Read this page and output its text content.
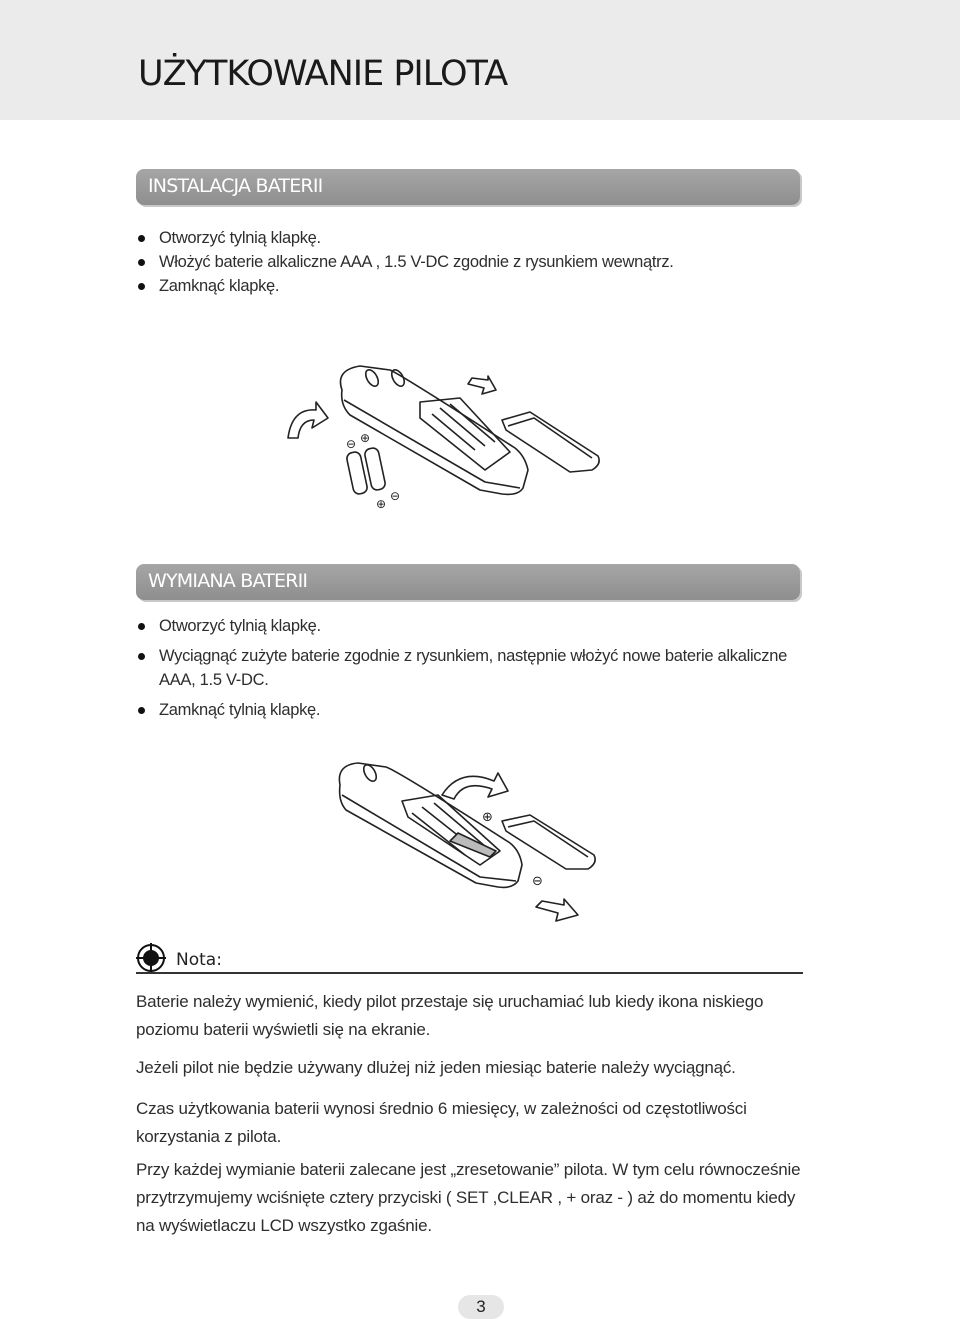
UŻYTKOWANIE PILOTA
INSTALACJA BATERII
Otworzyć tylnią klapkę.
Włożyć baterie alkaliczne AAA , 1.5 V-DC zgodnie z rysunkiem wewnątrz.
Zamknąć klapkę.
⊖ ⊕
⊕
⊖
WYMIANA BATERII
Otworzyć tylnią klapkę.
Wyciągnąć zużyte baterie zgodnie z rysunkiem, następnie włożyć nowe baterie alkaliczne AAA, 1.5 V-DC.
Zamknąć tylnią klapkę.
⊕
⊖
Nota:

Baterie należy wymienić, kiedy pilot przestaje się uruchamiać lub kiedy ikona niskiego poziomu baterii wyświetli się na ekranie.

Jeżeli pilot nie będzie używany dlużej niż jeden miesiąc baterie należy wyciągnąć.

Czas użytkowania baterii wynosi średnio 6 miesięcy, w zależności od częstotliwości korzystania z pilota.

Przy każdej wymianie baterii zalecane jest „zresetowanie” pilota. W tym celu równocześnie przytrzymujemy wciśnięte cztery przyciski ( SET ,CLEAR , + oraz - ) aż do momentu kiedy na wyświetlaczu LCD wszystko zgaśnie.

3
